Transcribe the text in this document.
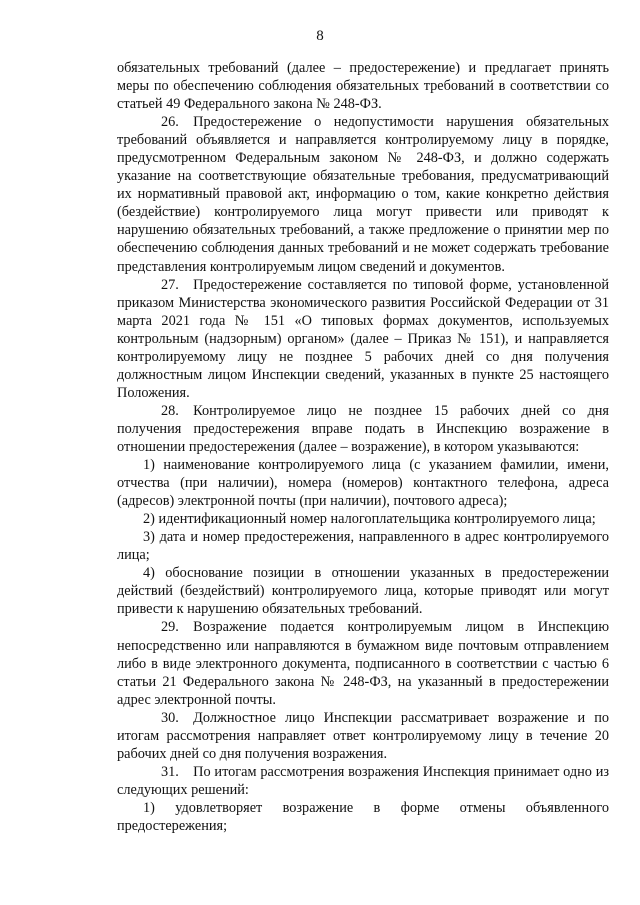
8

обязательных требований (далее – предостережение) и предлагает принять меры по обеспечению соблюдения обязательных требований в соответствии со статьей 49 Федерального закона № 248-ФЗ.

26. Предостережение о недопустимости нарушения обязательных требований объявляется и направляется контролируемому лицу в порядке, предусмотренном Федеральным законом № 248-ФЗ, и должно содержать указание на соответствующие обязательные требования, предусматривающий их нормативный правовой акт, информацию о том, какие конкретно действия (бездействие) контролируемого лица могут привести или приводят к нарушению обязательных требований, а также предложение о принятии мер по обеспечению соблюдения данных требований и не может содержать требование представления контролируемым лицом сведений и документов.

27. Предостережение составляется по типовой форме, установленной приказом Министерства экономического развития Российской Федерации от 31 марта 2021 года № 151 «О типовых формах документов, используемых контрольным (надзорным) органом» (далее – Приказ № 151), и направляется контролируемому лицу не позднее 5 рабочих дней со дня получения должностным лицом Инспекции сведений, указанных в пункте 25 настоящего Положения.

28. Контролируемое лицо не позднее 15 рабочих дней со дня получения предостережения вправе подать в Инспекцию возражение в отношении предостережения (далее – возражение), в котором указываются:

1) наименование контролируемого лица (с указанием фамилии, имени, отчества (при наличии), номера (номеров) контактного телефона, адреса (адресов) электронной почты (при наличии), почтового адреса);

2) идентификационный номер налогоплательщика контролируемого лица;

3) дата и номер предостережения, направленного в адрес контролируемого лица;

4) обоснование позиции в отношении указанных в предостережении действий (бездействий) контролируемого лица, которые приводят или могут привести к нарушению обязательных требований.

29. Возражение подается контролируемым лицом в Инспекцию непосредственно или направляются в бумажном виде почтовым отправлением либо в виде электронного документа, подписанного в соответствии с частью 6 статьи 21 Федерального закона № 248-ФЗ, на указанный в предостережении адрес электронной почты.

30. Должностное лицо Инспекции рассматривает возражение и по итогам рассмотрения направляет ответ контролируемому лицу в течение 20 рабочих дней со дня получения возражения.

31. По итогам рассмотрения возражения Инспекция принимает одно из следующих решений:

1) удовлетворяет возражение в форме отмены объявленного предостережения;
